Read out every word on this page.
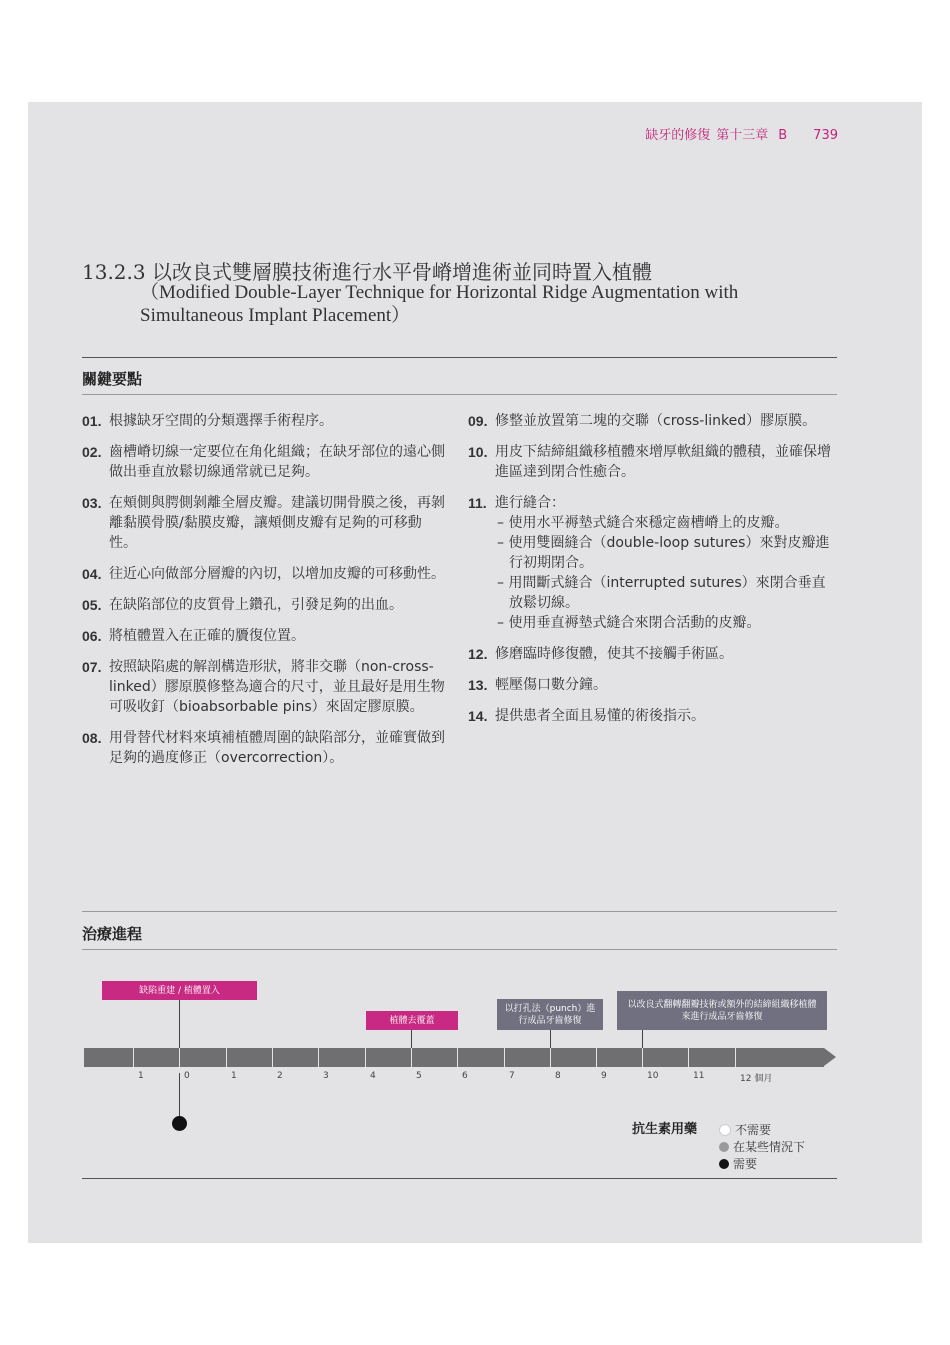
缺牙的修復 第十三章 B 739
13.2.3 以改良式雙層膜技術進行水平骨嵴增進術並同時置入植體
（Modified Double-Layer Technique for Horizontal Ridge Augmentation with Simultaneous Implant Placement）
關鍵要點
01. 根據缺牙空間的分類選擇手術程序。
02. 齒槽嵴切線一定要位在角化組織；在缺牙部位的遠心側做出垂直放鬆切線通常就已足夠。
03. 在頰側與腭側剝離全層皮瓣。建議切開骨膜之後，再剝離黏膜骨膜/黏膜皮瓣，讓頰側皮瓣有足夠的可移動性。
04. 往近心向做部分層瓣的內切，以增加皮瓣的可移動性。
05. 在缺陷部位的皮質骨上鑽孔，引發足夠的出血。
06. 將植體置入在正確的贗復位置。
07. 按照缺陷處的解剖構造形狀，將非交聯（non-cross-linked）膠原膜修整為適合的尺寸，並且最好是用生物可吸收釘（bioabsorbable pins）來固定膠原膜。
08. 用骨替代材料來填補植體周圍的缺陷部分，並確實做到足夠的過度修正（overcorrection）。
09. 修整並放置第二塊的交聯（cross-linked）膠原膜。
10. 用皮下結締組織移植體來增厚軟組織的體積，並確保增進區達到閉合性癒合。
11. 進行縫合：
– 使用水平褥墊式縫合來穩定齒槽嵴上的皮瓣。
– 使用雙圈縫合（double-loop sutures）來對皮瓣進行初期閉合。
– 用間斷式縫合（interrupted sutures）來閉合垂直放鬆切線。
– 使用垂直褥墊式縫合來閉合活動的皮瓣。
12. 修磨臨時修復體，使其不接觸手術區。
13. 輕壓傷口數分鐘。
14. 提供患者全面且易懂的術後指示。
治療進程
缺陷重建 / 植體置入
植體去覆蓋
以打孔法（punch）進行成品牙齒修復
以改良式翻轉翻瓣技術或額外的結締組織移植體來進行成品牙齒修復
1	0	1	2	3	4	5	6	7	8	9	10	11	12 個月
抗生素用藥	不需要
在某些情況下
需要
